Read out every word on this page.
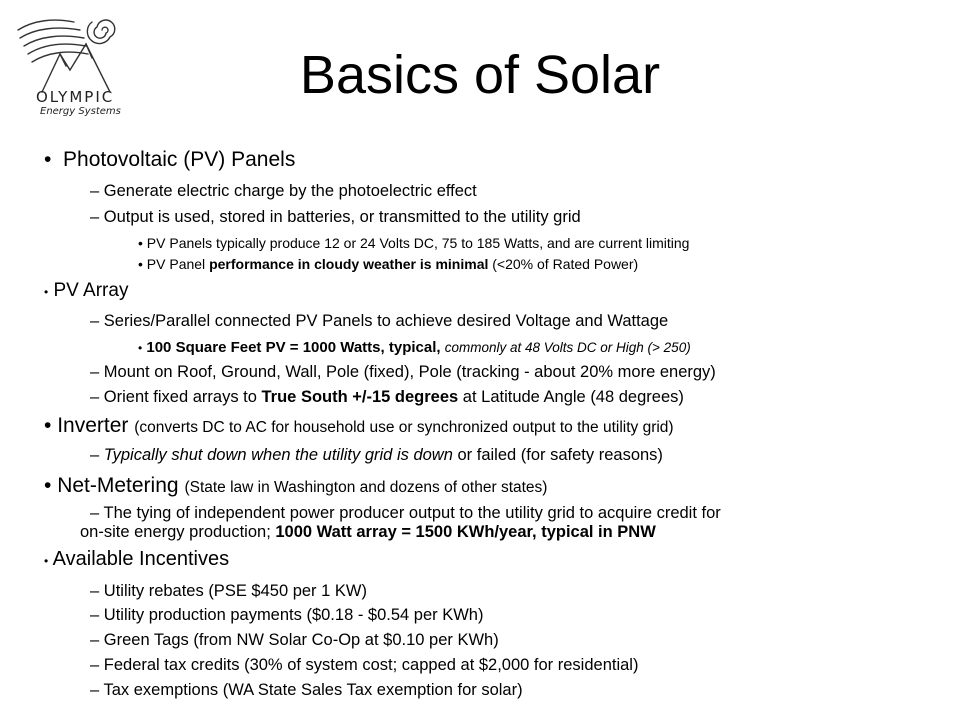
OLYMPIC
Energy Systems
Basics of Solar
• Photovoltaic (PV) Panels
– Generate electric charge by the photoelectric effect
– Output is used, stored in batteries, or transmitted to the utility grid
• PV Panels typically produce 12 or 24 Volts DC, 75 to 185 Watts, and are current limiting
• PV Panel performance in cloudy weather is minimal (<20% of Rated Power)
• PV Array
– Series/Parallel connected PV Panels to achieve desired Voltage and Wattage
• 100 Square Feet PV = 1000 Watts, typical, commonly at 48 Volts DC or High (> 250)
– Mount on Roof, Ground, Wall, Pole (fixed), Pole (tracking - about 20% more energy)
– Orient fixed arrays to True South +/-15 degrees at Latitude Angle (48 degrees)
• Inverter (converts DC to AC for household use or synchronized output to the utility grid)
– Typically shut down when the utility grid is down or failed (for safety reasons)
• Net-Metering (State law in Washington and dozens of other states)
– The tying of independent power producer output to the utility grid to acquire credit for
on-site energy production; 1000 Watt array = 1500 KWh/year, typical in PNW
• Available Incentives
– Utility rebates (PSE $450 per 1 KW)
– Utility production payments ($0.18 - $0.54 per KWh)
– Green Tags (from NW Solar Co-Op at $0.10 per KWh)
– Federal tax credits (30% of system cost; capped at $2,000 for residential)
– Tax exemptions (WA State Sales Tax exemption for solar)
